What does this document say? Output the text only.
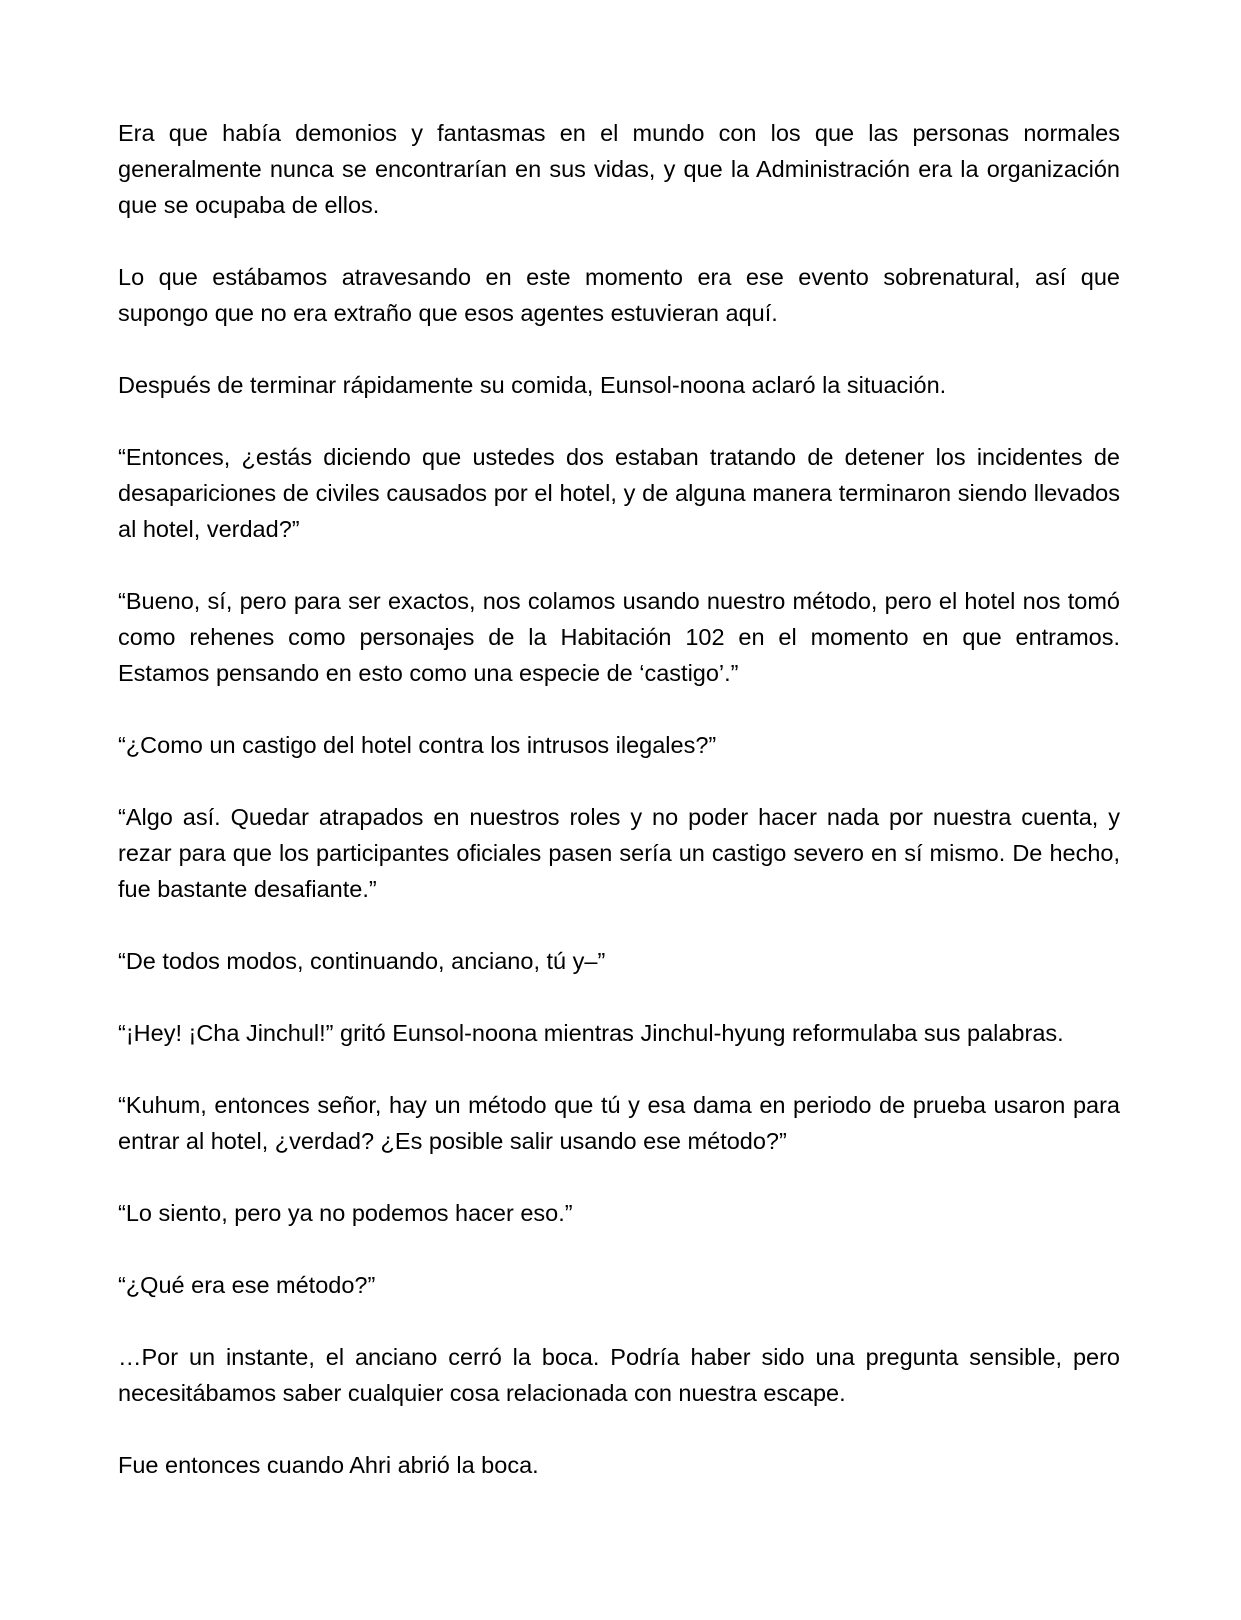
Era que había demonios y fantasmas en el mundo con los que las personas normales generalmente nunca se encontrarían en sus vidas, y que la Administración era la organización que se ocupaba de ellos.

Lo que estábamos atravesando en este momento era ese evento sobrenatural, así que supongo que no era extraño que esos agentes estuvieran aquí.

Después de terminar rápidamente su comida, Eunsol-noona aclaró la situación.

“Entonces, ¿estás diciendo que ustedes dos estaban tratando de detener los incidentes de desapariciones de civiles causados por el hotel, y de alguna manera terminaron siendo llevados al hotel, verdad?”

“Bueno, sí, pero para ser exactos, nos colamos usando nuestro método, pero el hotel nos tomó como rehenes como personajes de la Habitación 102 en el momento en que entramos. Estamos pensando en esto como una especie de ‘castigo’.”

“¿Como un castigo del hotel contra los intrusos ilegales?”

“Algo así. Quedar atrapados en nuestros roles y no poder hacer nada por nuestra cuenta, y rezar para que los participantes oficiales pasen sería un castigo severo en sí mismo. De hecho, fue bastante desafiante.”

“De todos modos, continuando, anciano, tú y–”

“¡Hey! ¡Cha Jinchul!” gritó Eunsol-noona mientras Jinchul-hyung reformulaba sus palabras.

“Kuhum, entonces señor, hay un método que tú y esa dama en periodo de prueba usaron para entrar al hotel, ¿verdad? ¿Es posible salir usando ese método?”

“Lo siento, pero ya no podemos hacer eso.”

“¿Qué era ese método?”

…Por un instante, el anciano cerró la boca. Podría haber sido una pregunta sensible, pero necesitábamos saber cualquier cosa relacionada con nuestra escape.

Fue entonces cuando Ahri abrió la boca.
